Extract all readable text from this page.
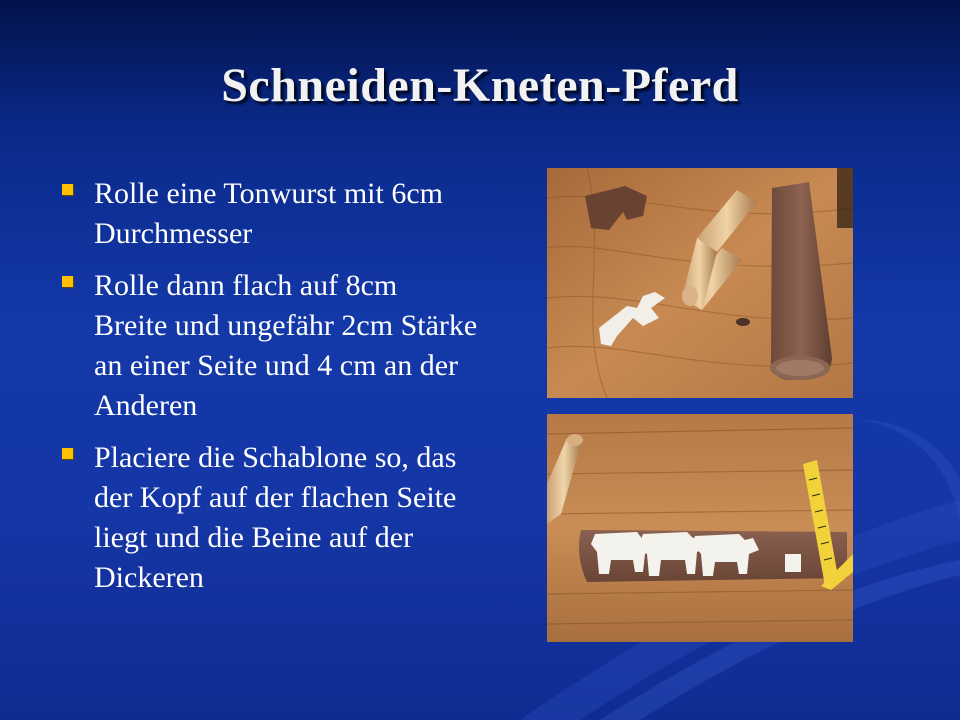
Schneiden-Kneten-Pferd
Rolle eine Tonwurst mit 6cm Durchmesser
Rolle dann flach auf 8cm Breite und ungefähr 2cm Stärke an einer Seite und 4 cm an der Anderen
Placiere die Schablone so, das der Kopf auf der flachen Seite liegt und die Beine auf der Dickeren
